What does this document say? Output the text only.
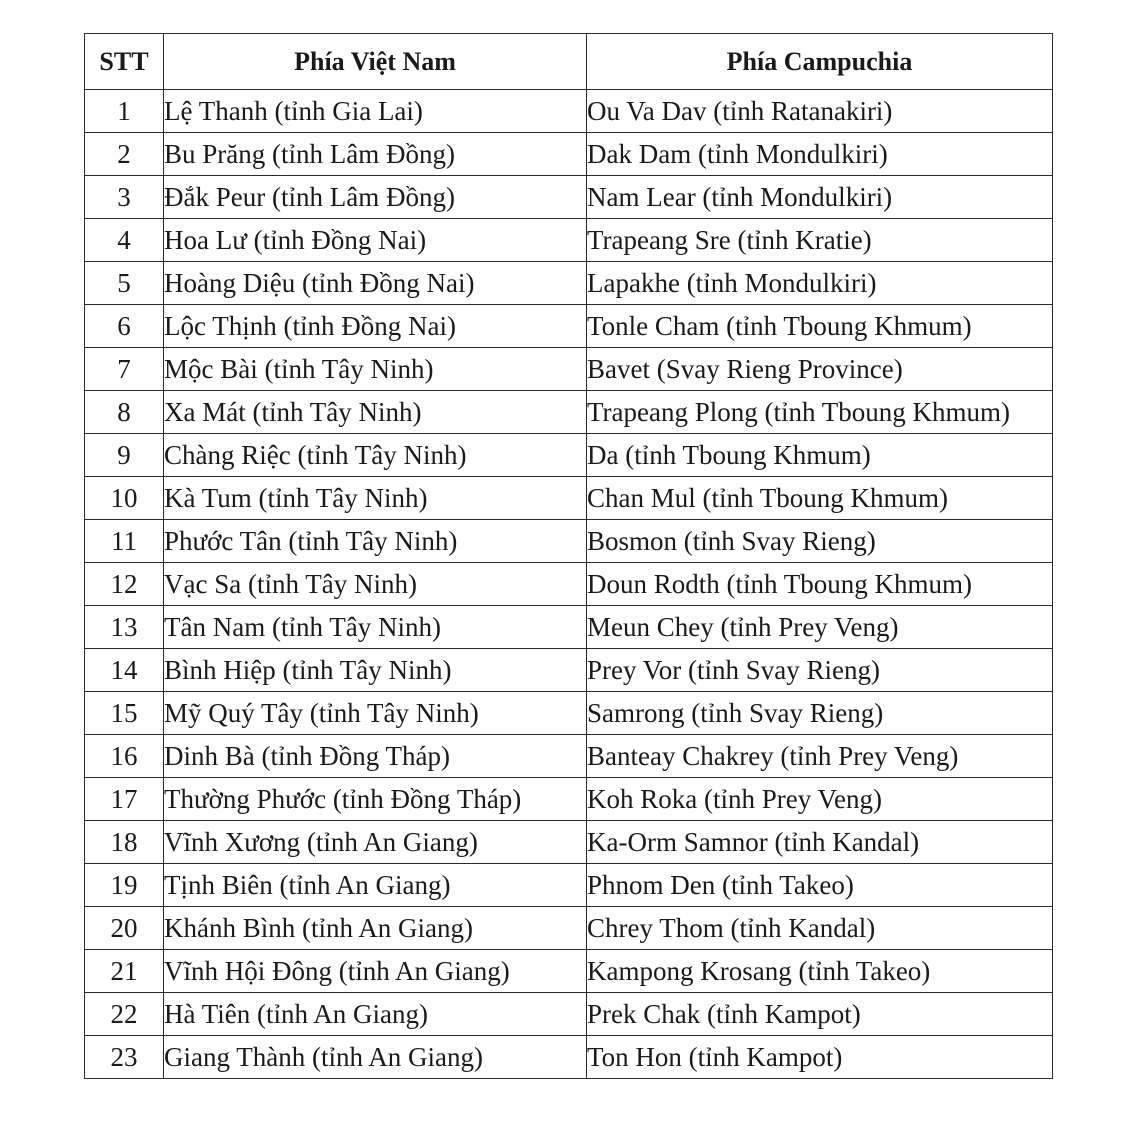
STT	Phía Việt Nam	Phía Campuchia
1	Lệ Thanh (tỉnh Gia Lai)	Ou Va Dav (tỉnh Ratanakiri)
2	Bu Prăng (tỉnh Lâm Đồng)	Dak Dam (tỉnh Mondulkiri)
3	Đắk Peur (tỉnh Lâm Đồng)	Nam Lear (tỉnh Mondulkiri)
4	Hoa Lư (tỉnh Đồng Nai)	Trapeang Sre (tỉnh Kratie)
5	Hoàng Diệu (tỉnh Đồng Nai)	Lapakhe (tỉnh Mondulkiri)
6	Lộc Thịnh (tỉnh Đồng Nai)	Tonle Cham (tỉnh Tboung Khmum)
7	Mộc Bài (tỉnh Tây Ninh)	Bavet (Svay Rieng Province)
8	Xa Mát (tỉnh Tây Ninh)	Trapeang Plong (tỉnh Tboung Khmum)
9	Chàng Riệc (tỉnh Tây Ninh)	Da (tỉnh Tboung Khmum)
10	Kà Tum (tỉnh Tây Ninh)	Chan Mul (tỉnh Tboung Khmum)
11	Phước Tân (tỉnh Tây Ninh)	Bosmon (tỉnh Svay Rieng)
12	Vạc Sa (tỉnh Tây Ninh)	Doun Rodth (tỉnh Tboung Khmum)
13	Tân Nam (tỉnh Tây Ninh)	Meun Chey (tỉnh Prey Veng)
14	Bình Hiệp (tỉnh Tây Ninh)	Prey Vor (tỉnh Svay Rieng)
15	Mỹ Quý Tây (tỉnh Tây Ninh)	Samrong (tỉnh Svay Rieng)
16	Dinh Bà (tỉnh Đồng Tháp)	Banteay Chakrey (tỉnh Prey Veng)
17	Thường Phước (tỉnh Đồng Tháp)	Koh Roka (tỉnh Prey Veng)
18	Vĩnh Xương (tỉnh An Giang)	Ka-Orm Samnor (tỉnh Kandal)
19	Tịnh Biên (tỉnh An Giang)	Phnom Den (tỉnh Takeo)
20	Khánh Bình (tỉnh An Giang)	Chrey Thom (tỉnh Kandal)
21	Vĩnh Hội Đông (tỉnh An Giang)	Kampong Krosang (tỉnh Takeo)
22	Hà Tiên (tỉnh An Giang)	Prek Chak (tỉnh Kampot)
23	Giang Thành (tỉnh An Giang)	Ton Hon (tỉnh Kampot)
